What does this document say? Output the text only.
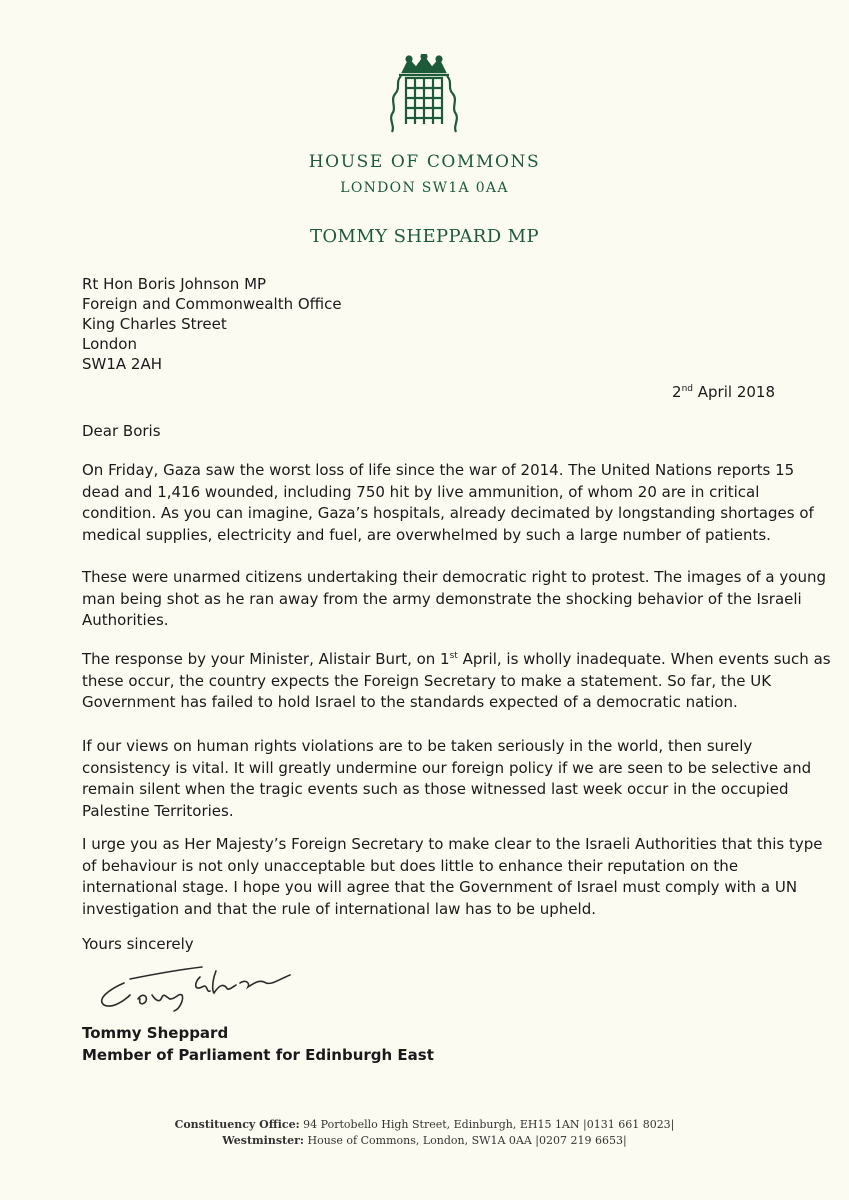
HOUSE OF COMMONS
LONDON SW1A 0AA
TOMMY SHEPPARD MP
Rt Hon Boris Johnson MP
Foreign and Commonwealth Office
King Charles Street
London
SW1A 2AH
2nd April 2018
Dear Boris
On Friday, Gaza saw the worst loss of life since the war of 2014. The United Nations reports 15
dead and 1,416 wounded, including 750 hit by live ammunition, of whom 20 are in critical
condition. As you can imagine, Gaza’s hospitals, already decimated by longstanding shortages of
medical supplies, electricity and fuel, are overwhelmed by such a large number of patients.
These were unarmed citizens undertaking their democratic right to protest. The images of a young
man being shot as he ran away from the army demonstrate the shocking behavior of the Israeli
Authorities.
The response by your Minister, Alistair Burt, on 1st April, is wholly inadequate. When events such as
these occur, the country expects the Foreign Secretary to make a statement. So far, the UK
Government has failed to hold Israel to the standards expected of a democratic nation.
If our views on human rights violations are to be taken seriously in the world, then surely
consistency is vital. It will greatly undermine our foreign policy if we are seen to be selective and
remain silent when the tragic events such as those witnessed last week occur in the occupied
Palestine Territories.
I urge you as Her Majesty’s Foreign Secretary to make clear to the Israeli Authorities that this type
of behaviour is not only unacceptable but does little to enhance their reputation on the
international stage. I hope you will agree that the Government of Israel must comply with a UN
investigation and that the rule of international law has to be upheld.
Yours sincerely
Tommy Sheppard
Member of Parliament for Edinburgh East
Constituency Office: 94 Portobello High Street, Edinburgh, EH15 1AN |0131 661 8023|
Westminster: House of Commons, London, SW1A 0AA |0207 219 6653|
